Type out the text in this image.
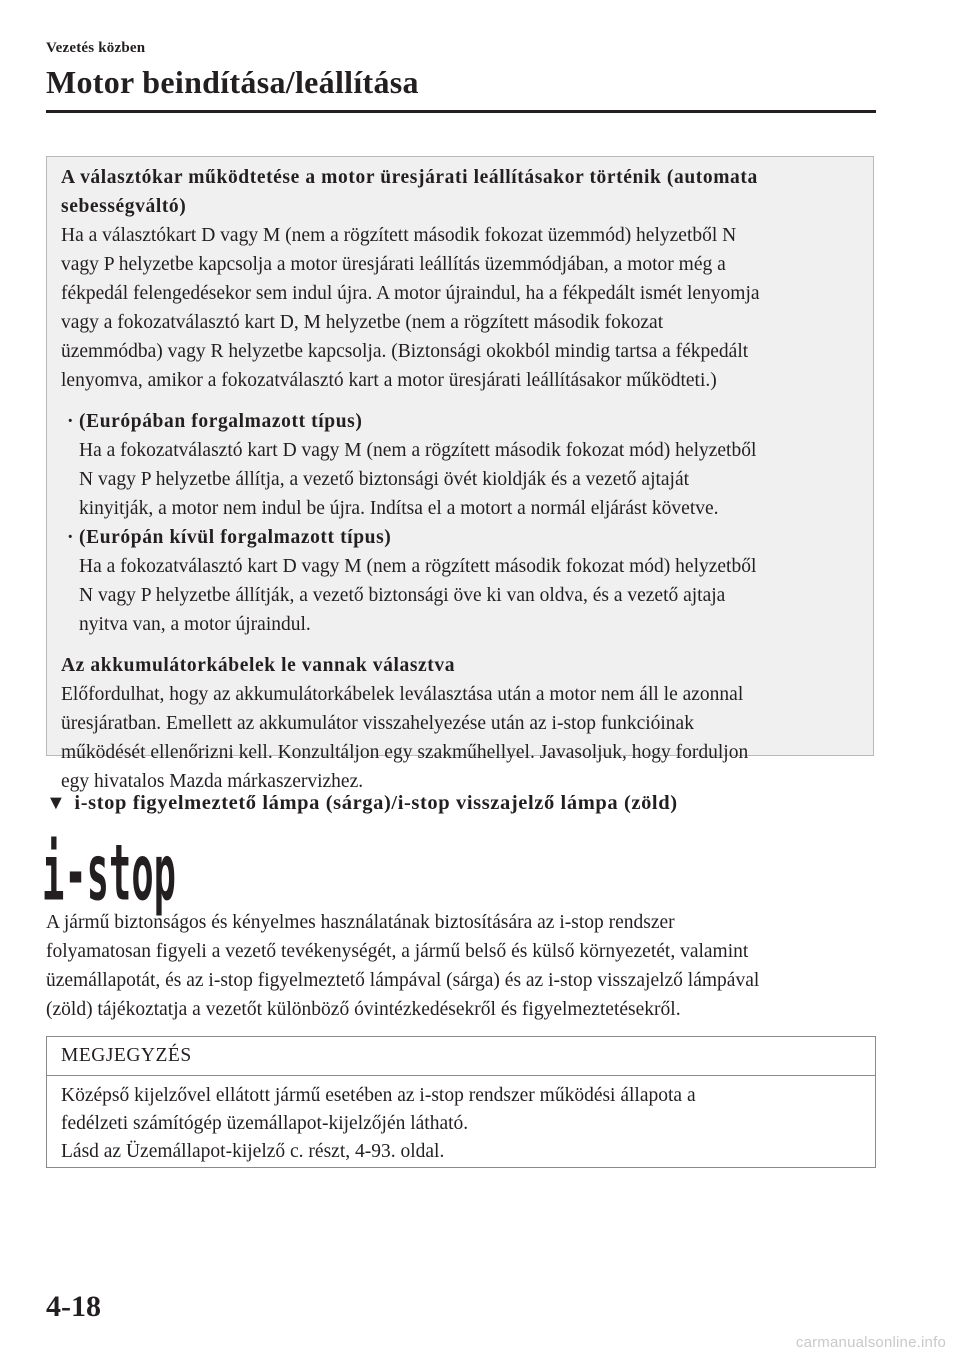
Vezetés közben
Motor beindítása/leállítása

A választókar működtetése a motor üresjárati leállításakor történik (automata

sebességváltó)

Ha a választókart D vagy M (nem a rögzített második fokozat üzemmód) helyzetből N

vagy P helyzetbe kapcsolja a motor üresjárati leállítás üzemmódjában, a motor még a

fékpedál felengedésekor sem indul újra. A motor újraindul, ha a fékpedált ismét lenyomja

vagy a fokozatválasztó kart D, M helyzetbe (nem a rögzített második fokozat

üzemmódba) vagy R helyzetbe kapcsolja. (Biztonsági okokból mindig tartsa a fékpedált

lenyomva, amikor a fokozatválasztó kart a motor üresjárati leállításakor működteti.)

· (Európában forgalmazott típus)

Ha a fokozatválasztó kart D vagy M (nem a rögzített második fokozat mód) helyzetből

N vagy P helyzetbe állítja, a vezető biztonsági övét kioldják és a vezető ajtaját

kinyitják, a motor nem indul be újra. Indítsa el a motort a normál eljárást követve.

· (Európán kívül forgalmazott típus)

Ha a fokozatválasztó kart D vagy M (nem a rögzített második fokozat mód) helyzetből

N vagy P helyzetbe állítják, a vezető biztonsági öve ki van oldva, és a vezető ajtaja

nyitva van, a motor újraindul.

Az akkumulátorkábelek le vannak választva

Előfordulhat, hogy az akkumulátorkábelek leválasztása után a motor nem áll le azonnal

üresjáratban. Emellett az akkumulátor visszahelyezése után az i-stop funkcióinak

működését ellenőrizni kell. Konzultáljon egy szakműhellyel. Javasoljuk, hogy forduljon

egy hivatalos Mazda márkaszervizhez.

▼ i-stop figyelmeztető lámpa (sárga)/i-stop visszajelző lámpa (zöld)
i-stop

A jármű biztonságos és kényelmes használatának biztosítására az i-stop rendszer

folyamatosan figyeli a vezető tevékenységét, a jármű belső és külső környezetét, valamint

üzemállapotát, és az i-stop figyelmeztető lámpával (sárga) és az i-stop visszajelző lámpával

(zöld) tájékoztatja a vezetőt különböző óvintézkedésekről és figyelmeztetésekről.

MEGJEGYZÉS

Középső kijelzővel ellátott jármű esetében az i-stop rendszer működési állapota a

fedélzeti számítógép üzemállapot-kijelzőjén látható.

Lásd az Üzemállapot-kijelző c. részt, 4-93. oldal.

4-18
carmanualsonline.info
